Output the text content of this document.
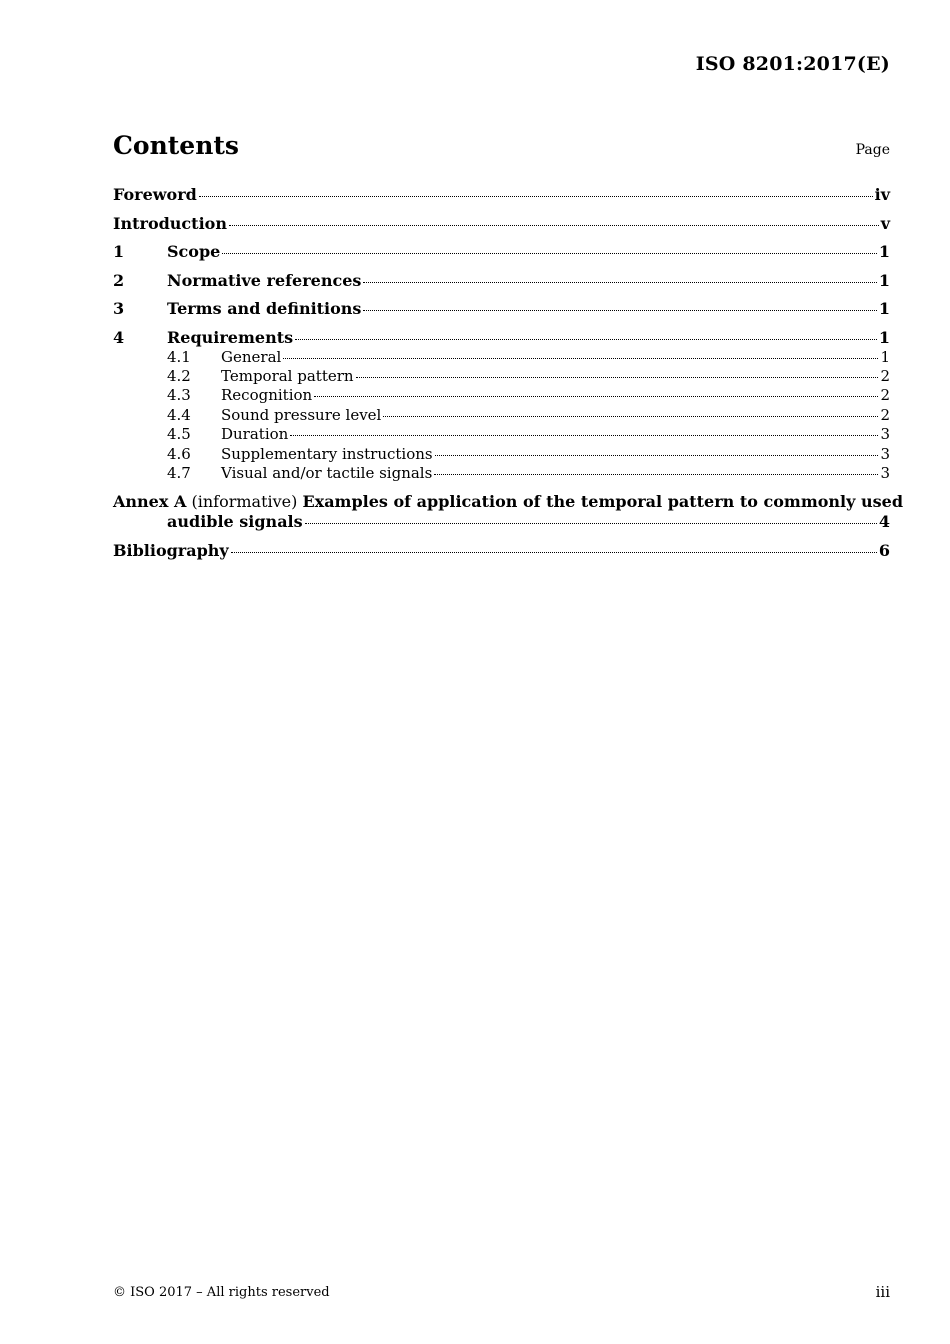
ISO 8201:2017(E)
Contents	Page
Foreword	iv
Introduction	v
1	Scope	1
2	Normative references	1
3	Terms and definitions	1
4	Requirements	1
4.1	General	1
4.2	Temporal pattern	2
4.3	Recognition	2
4.4	Sound pressure level	2
4.5	Duration	3
4.6	Supplementary instructions	3
4.7	Visual and/or tactile signals	3
Annex A (informative) Examples of application of the temporal pattern to commonly used
audible signals	4
Bibliography	6
© ISO 2017 – All rights reserved	iii
